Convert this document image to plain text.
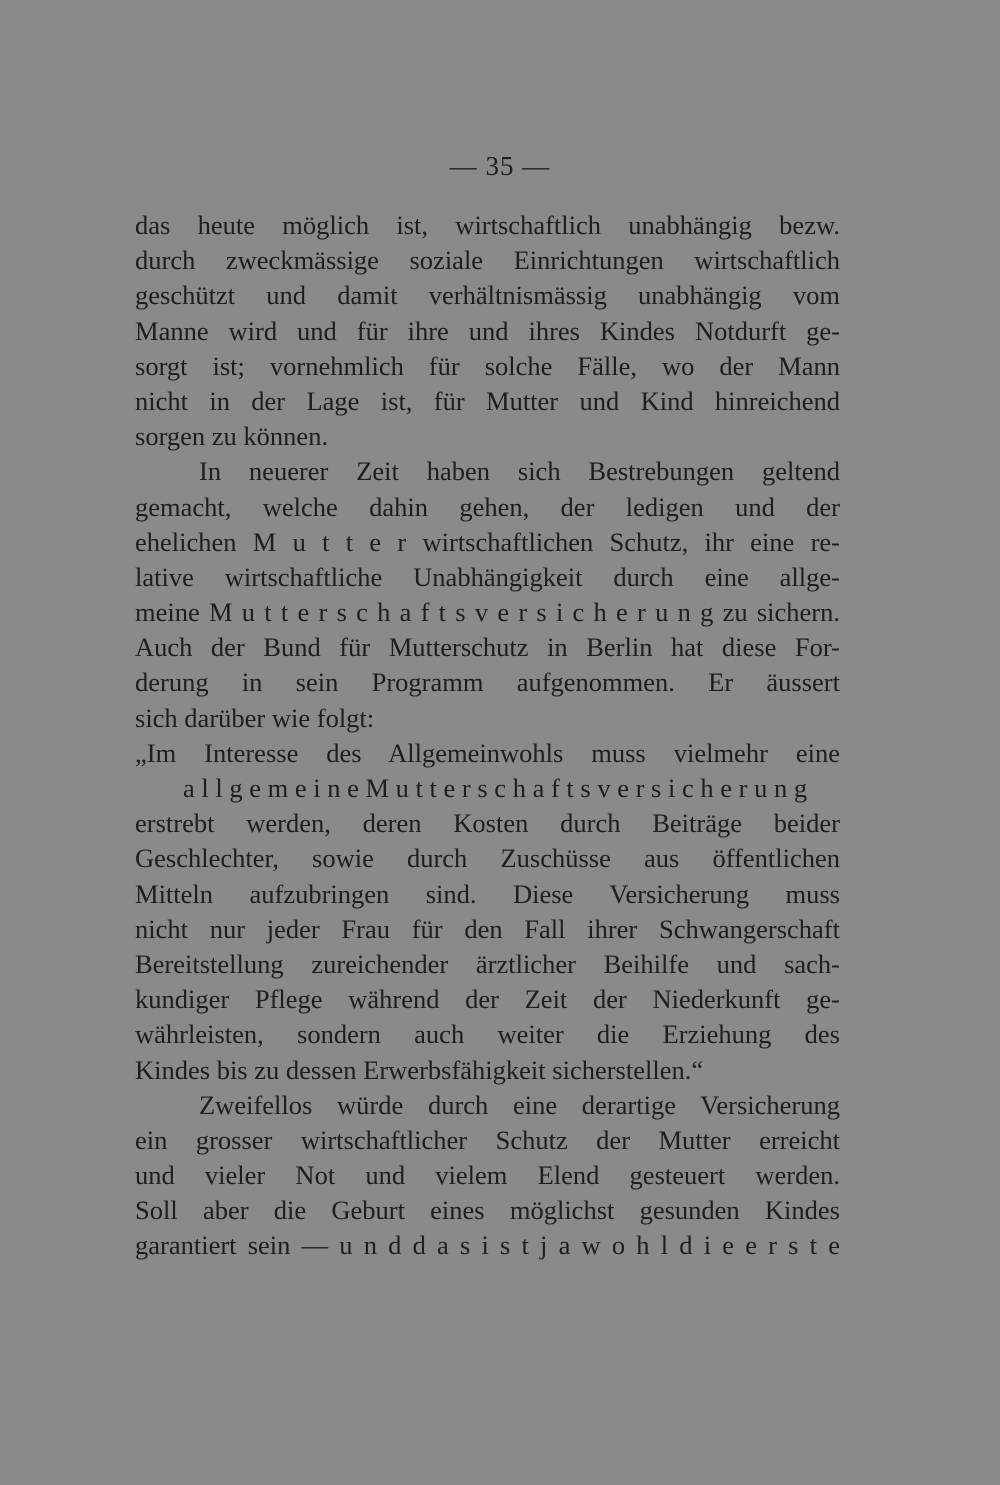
— 35 —
das heute möglich ist, wirtschaftlich unabhängig bezw.
durch zweckmässige soziale Einrichtungen wirtschaftlich
geschützt und damit verhältnismässig unabhängig vom
Manne wird und für ihre und ihres Kindes Notdurft ge-
sorgt ist; vornehmlich für solche Fälle, wo der Mann
nicht in der Lage ist, für Mutter und Kind hinreichend
sorgen zu können.
In neuerer Zeit haben sich Bestrebungen geltend
gemacht, welche dahin gehen, der ledigen und der
ehelichen M u t t e r wirtschaftlichen Schutz, ihr eine re-
lative wirtschaftliche Unabhängigkeit durch eine allge-
meine M u t t e r s c h a f t s v e r s i c h e r u n g zu sichern.
Auch der Bund für Mutterschutz in Berlin hat diese For-
derung in sein Programm aufgenommen. Er äussert
sich darüber wie folgt:
„Im Interesse des Allgemeinwohls muss vielmehr eine
a l l g e m e i n e M u t t e r s c h a f t s v e r s i c h e r u n g
erstrebt werden, deren Kosten durch Beiträge beider
Geschlechter, sowie durch Zuschüsse aus öffentlichen
Mitteln aufzubringen sind. Diese Versicherung muss
nicht nur jeder Frau für den Fall ihrer Schwangerschaft
Bereitstellung zureichender ärztlicher Beihilfe und sach-
kundiger Pflege während der Zeit der Niederkunft ge-
währleisten, sondern auch weiter die Erziehung des
Kindes bis zu dessen Erwerbsfähigkeit sicherstellen.“
Zweifellos würde durch eine derartige Versicherung
ein grosser wirtschaftlicher Schutz der Mutter erreicht
und vieler Not und vielem Elend gesteuert werden.
Soll aber die Geburt eines möglichst gesunden Kindes
garantiert sein — u n d d a s i s t j a w o h l d i e e r s t e
